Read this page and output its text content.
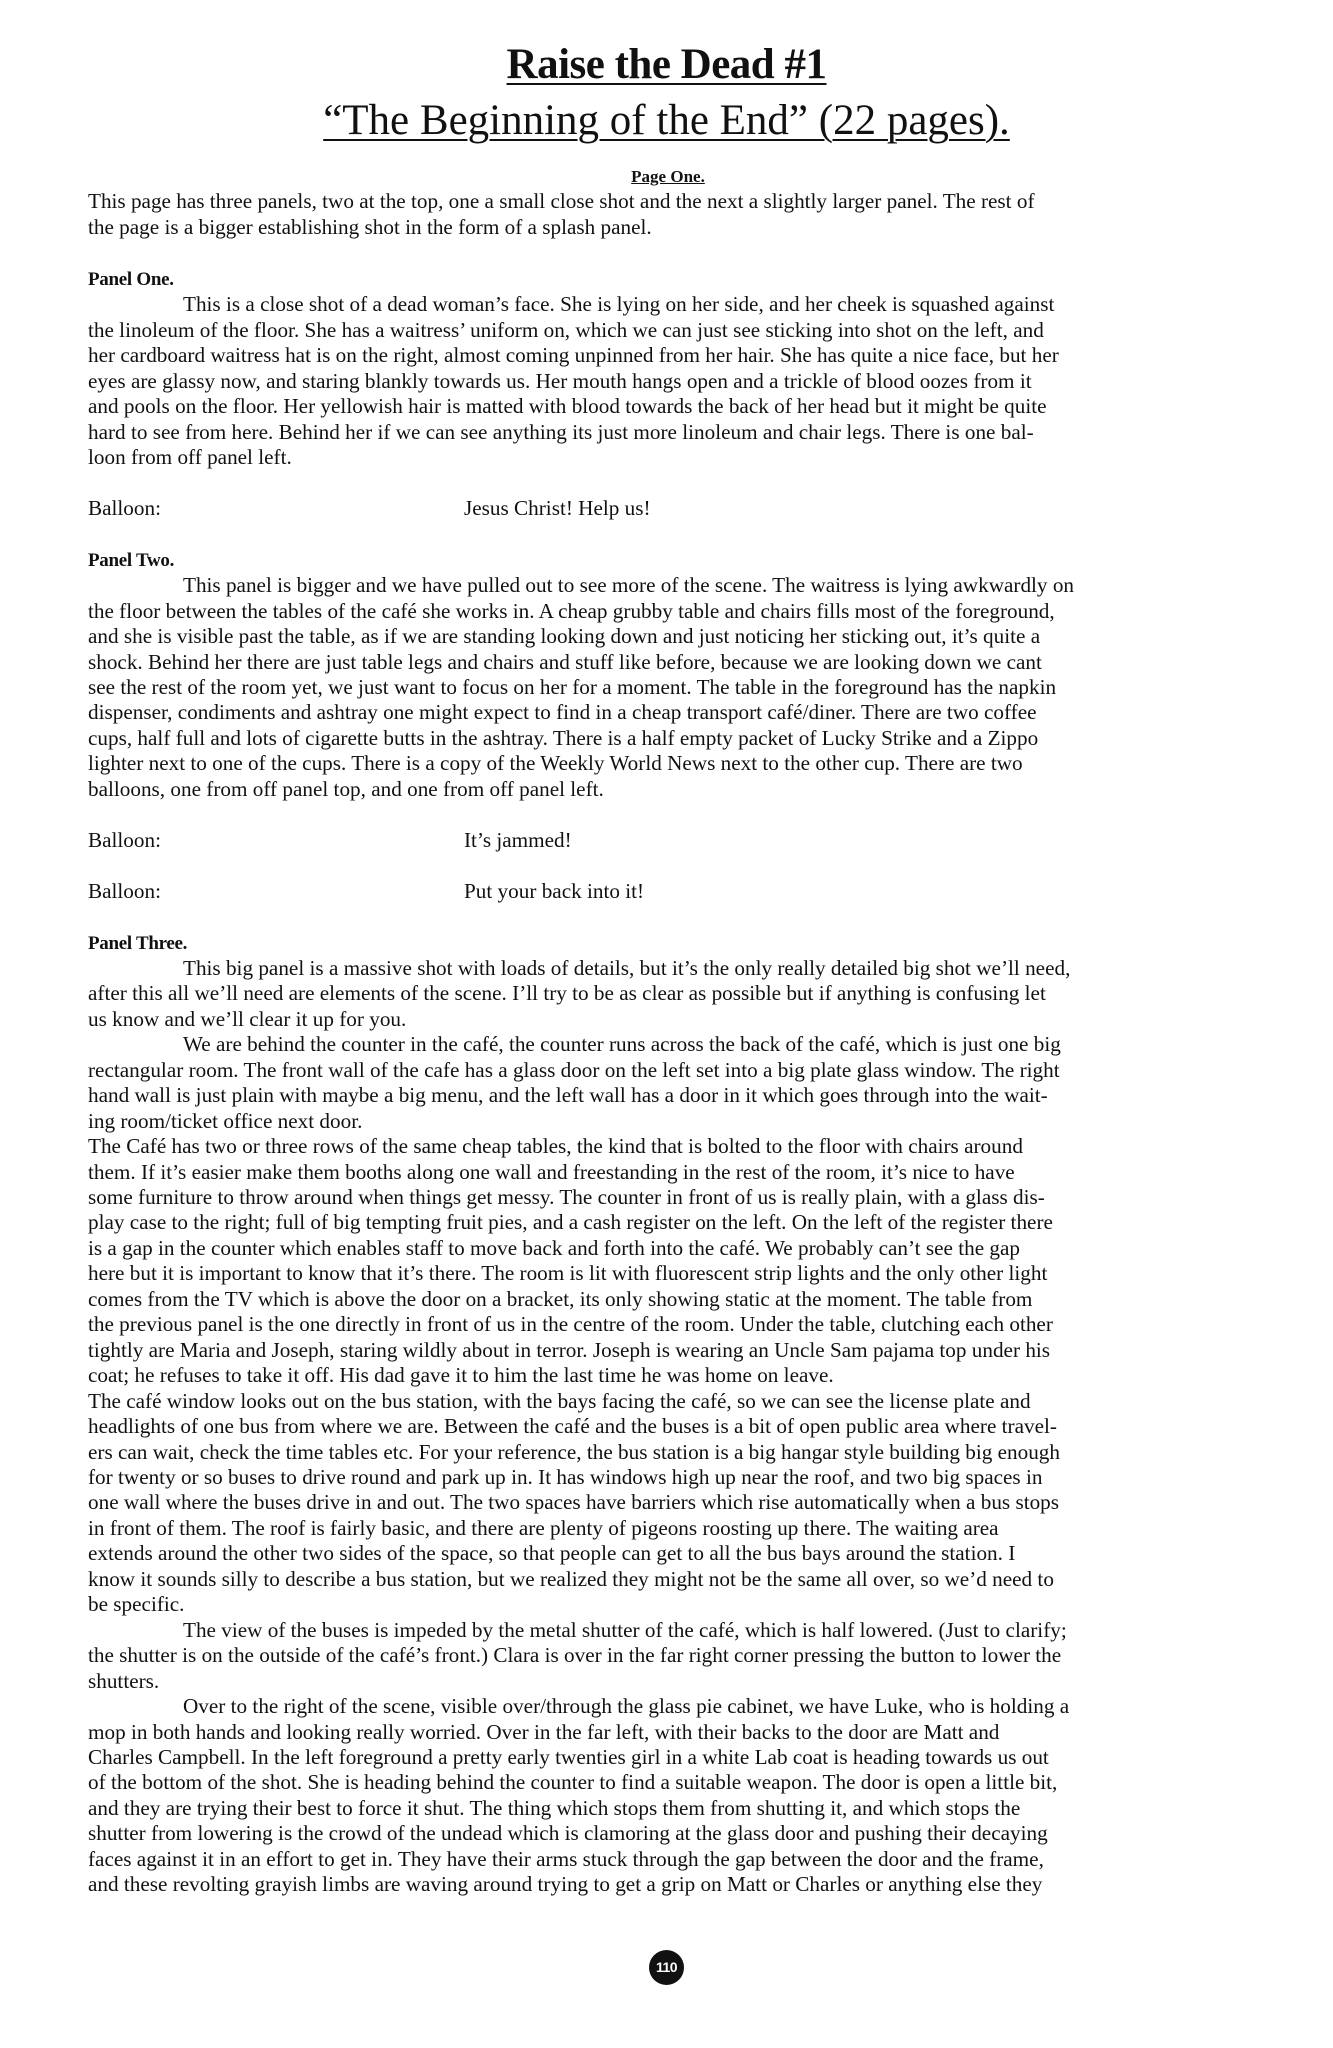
Raise the Dead #1
“The Beginning of the End” (22 pages).

Page One.

This page has three panels, two at the top, one a small close shot and the next a slightly larger panel. The rest of

the page is a bigger establishing shot in the form of a splash panel.

Panel One.

This is a close shot of a dead woman’s face. She is lying on her side, and her cheek is squashed against

the linoleum of the floor. She has a waitress’ uniform on, which we can just see sticking into shot on the left, and

her cardboard waitress hat is on the right, almost coming unpinned from her hair. She has quite a nice face, but her

eyes are glassy now, and staring blankly towards us. Her mouth hangs open and a trickle of blood oozes from it

and pools on the floor. Her yellowish hair is matted with blood towards the back of her head but it might be quite

hard to see from here. Behind her if we can see anything its just more linoleum and chair legs. There is one bal-

loon from off panel left.

Balloon:	Jesus Christ! Help us!

Panel Two.

This panel is bigger and we have pulled out to see more of the scene. The waitress is lying awkwardly on

the floor between the tables of the café she works in. A cheap grubby table and chairs fills most of the foreground,

and she is visible past the table, as if we are standing looking down and just noticing her sticking out, it’s quite a

shock. Behind her there are just table legs and chairs and stuff like before, because we are looking down we cant

see the rest of the room yet, we just want to focus on her for a moment. The table in the foreground has the napkin

dispenser, condiments and ashtray one might expect to find in a cheap transport café/diner. There are two coffee

cups, half full and lots of cigarette butts in the ashtray. There is a half empty packet of Lucky Strike and a Zippo

lighter next to one of the cups. There is a copy of the Weekly World News next to the other cup. There are two

balloons, one from off panel top, and one from off panel left.

Balloon:	It’s jammed!

Balloon:	Put your back into it!

Panel Three.

This big panel is a massive shot with loads of details, but it’s the only really detailed big shot we’ll need,

after this all we’ll need are elements of the scene. I’ll try to be as clear as possible but if anything is confusing let

us know and we’ll clear it up for you.

We are behind the counter in the café, the counter runs across the back of the café, which is just one big

rectangular room. The front wall of the cafe has a glass door on the left set into a big plate glass window. The right

hand wall is just plain with maybe a big menu, and the left wall has a door in it which goes through into the wait-

ing room/ticket office next door.

The Café has two or three rows of the same cheap tables, the kind that is bolted to the floor with chairs around

them. If it’s easier make them booths along one wall and freestanding in the rest of the room, it’s nice to have

some furniture to throw around when things get messy. The counter in front of us is really plain, with a glass dis-

play case to the right; full of big tempting fruit pies, and a cash register on the left. On the left of the register there

is a gap in the counter which enables staff to move back and forth into the café. We probably can’t see the gap

here but it is important to know that it’s there. The room is lit with fluorescent strip lights and the only other light

comes from the TV which is above the door on a bracket, its only showing static at the moment. The table from

the previous panel is the one directly in front of us in the centre of the room. Under the table, clutching each other

tightly are Maria and Joseph, staring wildly about in terror. Joseph is wearing an Uncle Sam pajama top under his

coat; he refuses to take it off. His dad gave it to him the last time he was home on leave.

The café window looks out on the bus station, with the bays facing the café, so we can see the license plate and

headlights of one bus from where we are. Between the café and the buses is a bit of open public area where travel-

ers can wait, check the time tables etc. For your reference, the bus station is a big hangar style building big enough

for twenty or so buses to drive round and park up in. It has windows high up near the roof, and two big spaces in

one wall where the buses drive in and out. The two spaces have barriers which rise automatically when a bus stops

in front of them. The roof is fairly basic, and there are plenty of pigeons roosting up there. The waiting area

extends around the other two sides of the space, so that people can get to all the bus bays around the station. I

know it sounds silly to describe a bus station, but we realized they might not be the same all over, so we’d need to

be specific.

The view of the buses is impeded by the metal shutter of the café, which is half lowered. (Just to clarify;

the shutter is on the outside of the café’s front.) Clara is over in the far right corner pressing the button to lower the

shutters.

Over to the right of the scene, visible over/through the glass pie cabinet, we have Luke, who is holding a

mop in both hands and looking really worried. Over in the far left, with their backs to the door are Matt and

Charles Campbell. In the left foreground a pretty early twenties girl in a white Lab coat is heading towards us out

of the bottom of the shot. She is heading behind the counter to find a suitable weapon. The door is open a little bit,

and they are trying their best to force it shut. The thing which stops them from shutting it, and which stops the

shutter from lowering is the crowd of the undead which is clamoring at the glass door and pushing their decaying

faces against it in an effort to get in. They have their arms stuck through the gap between the door and the frame,

and these revolting grayish limbs are waving around trying to get a grip on Matt or Charles or anything else they

110
